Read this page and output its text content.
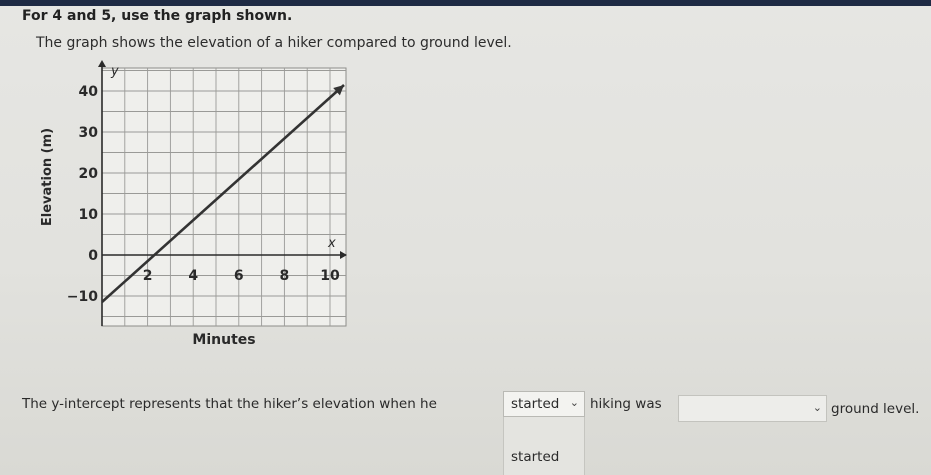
For 4 and 5, use the graph shown.
The graph shows the elevation of a hiker compared to ground level.
y
x
40
30
20
10
0
−10
2	4	6	8 10
Minutes
Elevation (m)
The y-intercept represents that the hiker’s elevation when he	started ⌄ hiking was	⌄ ground level.
started
